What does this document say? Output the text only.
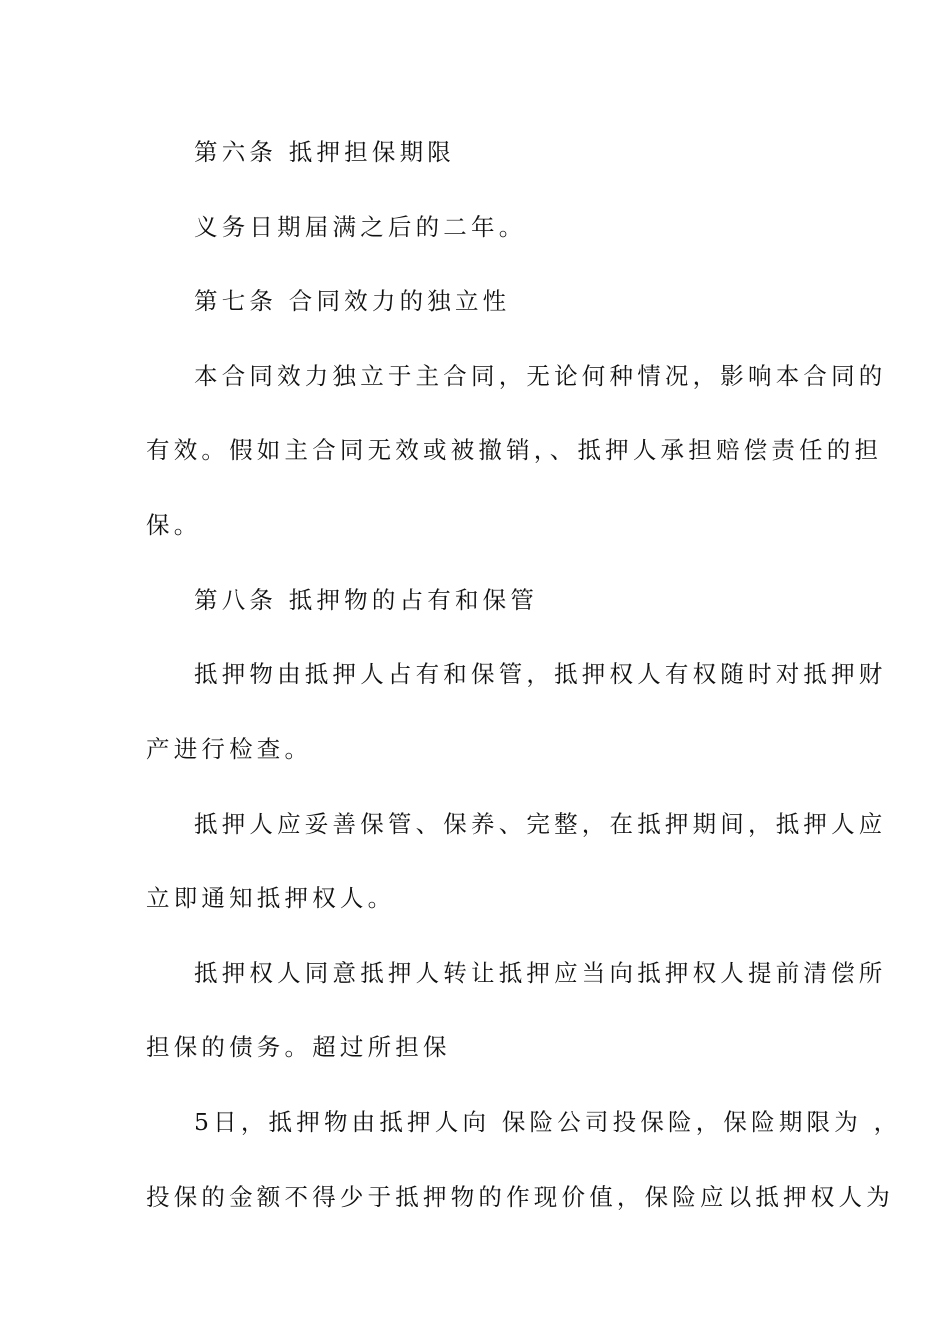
第六条 抵押担保期限
义务日期届满之后的二年。
第七条 合同效力的独立性
本合同效力独立于主合同，无论何种情况，影响本合同的
有效。假如主合同无效或被撤销，、抵押人承担赔偿责任的担
保。
第八条 抵押物的占有和保管
抵押物由抵押人占有和保管，抵押权人有权随时对抵押财
产进行检查。
抵押人应妥善保管、保养、完整，在抵押期间，抵押人应
立即通知抵押权人。
抵押权人同意抵押人转让抵押应当向抵押权人提前清偿所
担保的债务。超过所担保
5日，抵押物由抵押人向 保险公司投保险，保险期限为 ，
投保的金额不得少于抵押物的作现价值，保险应以抵押权人为
